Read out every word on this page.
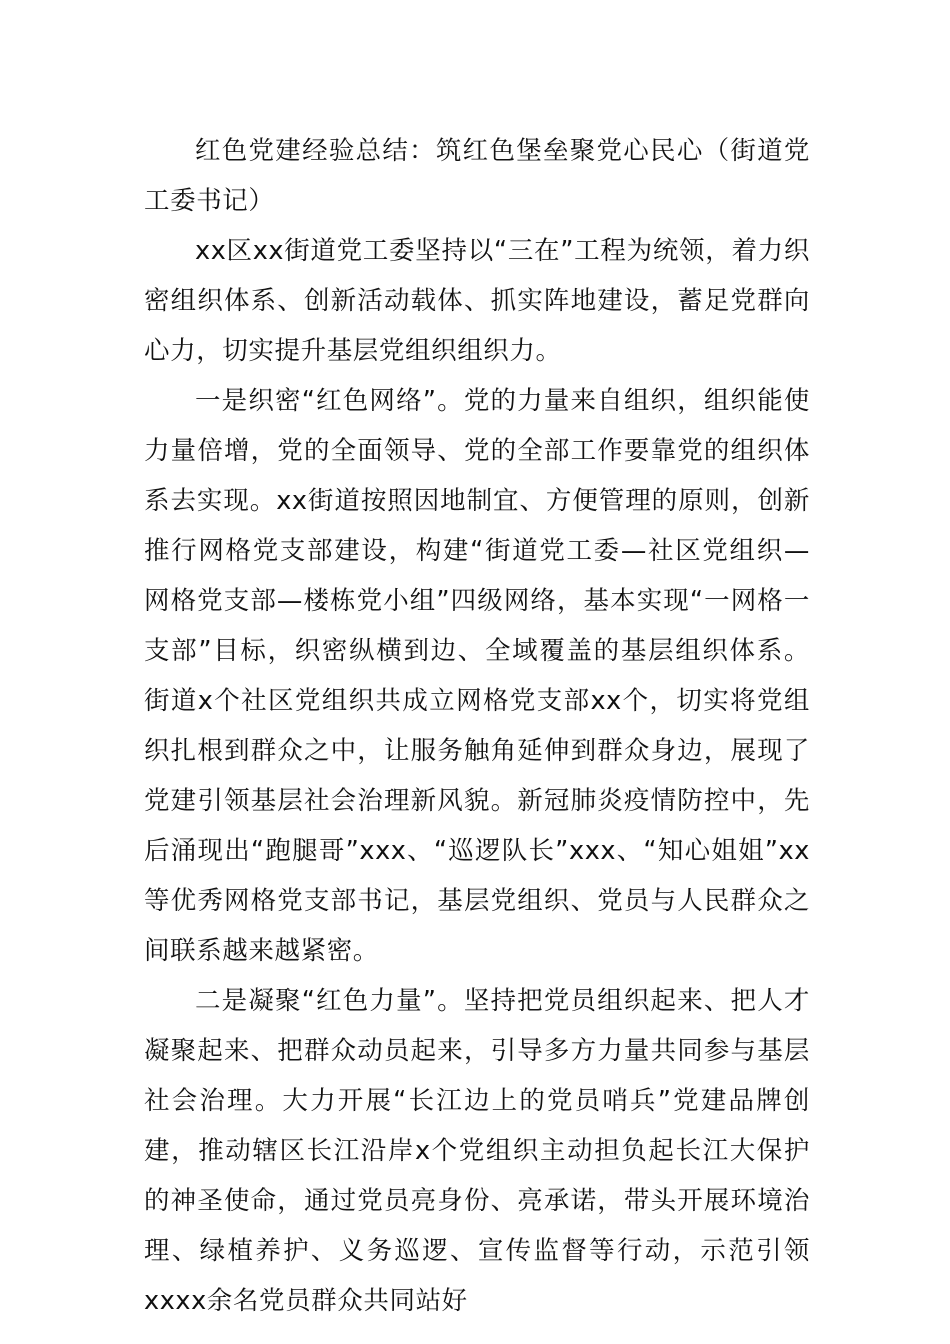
红色党建经验总结：筑红色堡垒聚党心民心（街道党工委书记）

xx区xx街道党工委坚持以“三在”工程为统领，着力织密组织体系、创新活动载体、抓实阵地建设，蓄足党群向心力，切实提升基层党组织组织力。

一是织密“红色网络”。党的力量来自组织，组织能使力量倍增，党的全面领导、党的全部工作要靠党的组织体系去实现。xx街道按照因地制宜、方便管理的原则，创新推行网格党支部建设，构建“街道党工委—社区党组织—网格党支部—楼栋党小组”四级网络，基本实现“一网格一支部”目标，织密纵横到边、全域覆盖的基层组织体系。街道x个社区党组织共成立网格党支部xx个，切实将党组织扎根到群众之中，让服务触角延伸到群众身边，展现了党建引领基层社会治理新风貌。新冠肺炎疫情防控中，先后涌现出“跑腿哥”xxx、“巡逻队长”xxx、“知心姐姐”xx等优秀网格党支部书记，基层党组织、党员与人民群众之间联系越来越紧密。

二是凝聚“红色力量”。坚持把党员组织起来、把人才凝聚起来、把群众动员起来，引导多方力量共同参与基层社会治理。大力开展“长江边上的党员哨兵”党建品牌创建，推动辖区长江沿岸x个党组织主动担负起长江大保护的神圣使命，通过党员亮身份、亮承诺，带头开展环境治理、绿植养护、义务巡逻、宣传监督等行动，示范引领xxxx余名党员群众共同站好
